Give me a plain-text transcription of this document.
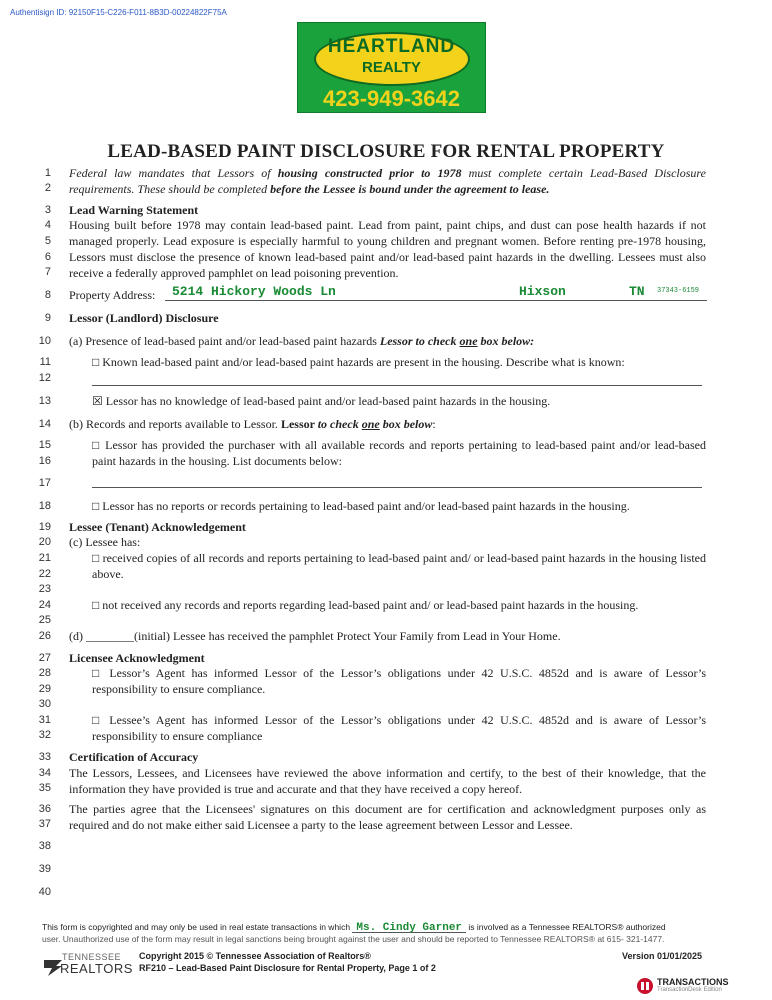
Authentisign ID: 92150F15-C226-F011-8B3D-00224822F75A
HEARTLAND
REALTY
423-949-3642
LEAD-BASED PAINT DISCLOSURE FOR RENTAL PROPERTY
1
2
3
4
5
6
7
8
9
10
11
12
13
14
15
16
17
18
19
20
21
22
23
24
25
26
27
28
29
30
31
32
33
34
35
36
37
38
39
40
Federal law mandates that Lessors of housing constructed prior to 1978 must complete certain Lead-Based Disclosure requirements. These should be completed before the Lessee is bound under the agreement to lease.
Lead Warning Statement
Housing built before 1978 may contain lead-based paint. Lead from paint, paint chips, and dust can pose health hazards if not managed properly. Lead exposure is especially harmful to young children and pregnant women. Before renting pre-1978 housing, Lessors must disclose the presence of known lead-based paint and/or lead-based paint hazards in the dwelling. Lessees must also receive a federally approved pamphlet on lead poisoning prevention.
Property Address:	5214 Hickory Woods Ln	Hixson	TN 37343-6159
Lessor (Landlord) Disclosure
(a) Presence of lead-based paint and/or lead-based paint hazards Lessor to check one box below:
□ Known lead-based paint and/or lead-based paint hazards are present in the housing. Describe what is known:
☒ Lessor has no knowledge of lead-based paint and/or lead-based paint hazards in the housing.
(b) Records and reports available to Lessor. Lessor to check one box below:
□ Lessor has provided the purchaser with all available records and reports pertaining to lead-based paint and/or lead-based paint hazards in the housing. List documents below:
□ Lessor has no reports or records pertaining to lead-based paint and/or lead-based paint hazards in the housing.
Lessee (Tenant) Acknowledgement
(c) Lessee has:
□ received copies of all records and reports pertaining to lead-based paint and/ or lead-based paint hazards in the housing listed above.
□ not received any records and reports regarding lead-based paint and/ or lead-based paint hazards in the housing.
(d) ________(initial) Lessee has received the pamphlet Protect Your Family from Lead in Your Home.
Licensee Acknowledgment
□ Lessor’s Agent has informed Lessor of the Lessor’s obligations under 42 U.S.C. 4852d and is aware of Lessor’s responsibility to ensure compliance.
□ Lessee’s Agent has informed Lessor of the Lessor’s obligations under 42 U.S.C. 4852d and is aware of Lessor’s responsibility to ensure compliance
Certification of Accuracy
The Lessors, Lessees, and Licensees have reviewed the above information and certify, to the best of their knowledge, that the information they have provided is true and accurate and that they have received a copy hereof.
The parties agree that the Licensees' signatures on this document are for certification and acknowledgment purposes only as required and do not make either said Licensee a party to the lease agreement between Lessor and Lessee.
This form is copyrighted and may only be used in real estate transactions in which Ms. Cindy Garner is involved as a Tennessee REALTORS® authorized
user. Unauthorized use of the form may result in legal sanctions being brought against the user and should be reported to Tennessee REALTORS® at 615- 321-1477.
TENNESSEE
REALTORS
Copyright 2015 © Tennessee Association of Realtors®
RF210 – Lead-Based Paint Disclosure for Rental Property, Page 1 of 2
Version 01/01/2025
TRANSACTIONS
TransactionDesk Edition
